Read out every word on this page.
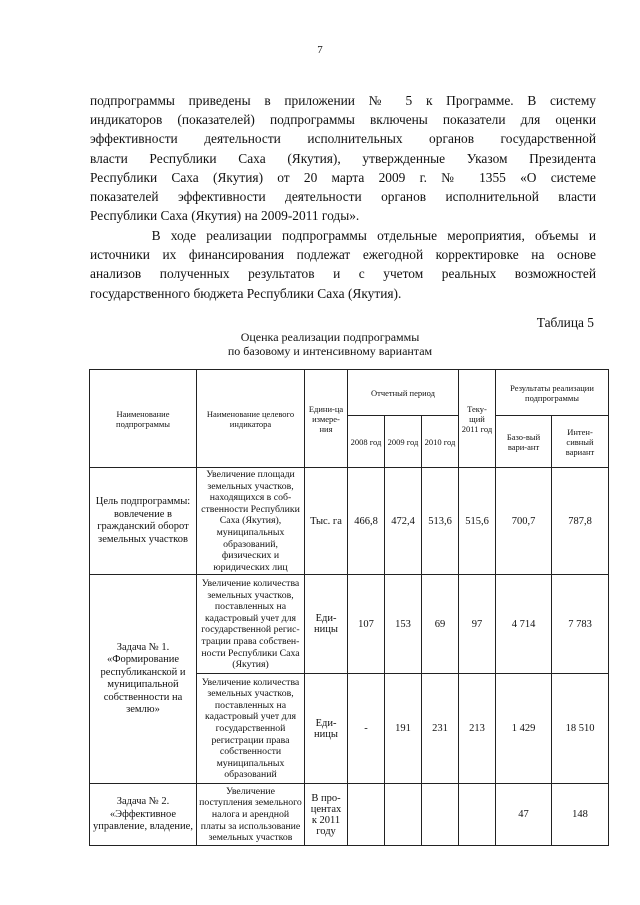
7

подпрограммы приведены в приложении № 5 к Программе. В систему
индикаторов (показателей) подпрограммы включены показатели для оценки
эффективности деятельности исполнительных органов государственной
власти Республики Саха (Якутия), утвержденные Указом Президента
Республики Саха (Якутия) от 20 марта 2009 г. № 1355 «О системе
показателей эффективности деятельности органов исполнительной власти
Республики Саха (Якутия) на 2009-2011 годы».

В ходе реализации подпрограммы отдельные мероприятия, объемы и
источники их финансирования подлежат ежегодной корректировке на основе
анализов полученных результатов и с учетом реальных возможностей
государственного бюджета Республики Саха (Якутия).

Таблица 5
Оценка реализации подпрограммы
по базовому и интенсивному вариантам
Наименование подпрограммы	Наименование целевого индикатора	Едини-ца измере-ния	Отчетный период			Теку-щий 2011 год	Результаты реализации подпрограммы	
			2008 год	2009 год	2010 год		Базо-вый вари-ант	Интен-сивный вариант
Цель подпрограммы: вовлечение в гражданский оборот земельных участков	Увеличение площади земельных участков, находящихся в соб-ственности Республики Саха (Якутия), муниципальных образований, физических и юридических лиц	Тыс. га	466,8	472,4	513,6	515,6	700,7	787,8
Задача № 1. «Формирование республиканской и муниципальной собственности на землю»	Увеличение количества земельных участков, поставленных на кадастровый учет для государственной регис-трации права собствен-ности Республики Саха (Якутия)	Еди-ницы	107	153	69	97	4 714	7 783
	Увеличение количества земельных участков, поставленных на кадастровый учет для государственной регистрации права собственности муниципальных образований	Еди-ницы	-	191	231	213	1 429	18 510
Задача № 2. «Эффективное управление, владение,	Увеличение поступления земельного налога и арендной платы за использование земельных участков	В про-центах к 2011 году					47	148
